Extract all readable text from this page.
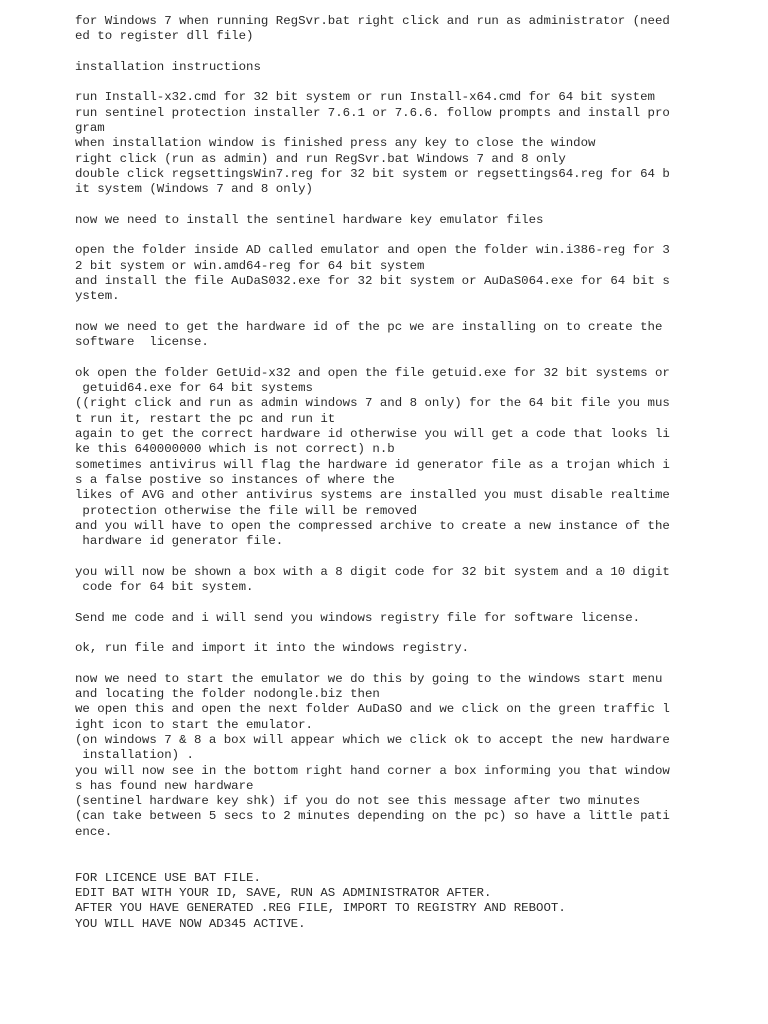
for Windows 7 when running RegSvr.bat right click and run as administrator (need
ed to register dll file)
installation instructions
run Install-x32.cmd for 32 bit system or run Install-x64.cmd for 64 bit system
run sentinel protection installer 7.6.1 or 7.6.6. follow prompts and install pro
gram
when installation window is finished press any key to close the window
right click (run as admin) and run RegSvr.bat Windows 7 and 8 only
double click regsettingsWin7.reg for 32 bit system or regsettings64.reg for 64 b
it system (Windows 7 and 8 only)
now we need to install the sentinel hardware key emulator files
open the folder inside AD called emulator and open the folder win.i386-reg for 3
2 bit system or win.amd64-reg for 64 bit system
and install the file AuDaS032.exe for 32 bit system or AuDaS064.exe for 64 bit s
ystem.
now we need to get the hardware id of the pc we are installing on to create the
software  license.
ok open the folder GetUid-x32 and open the file getuid.exe for 32 bit systems or
getuid64.exe for 64 bit systems
((right click and run as admin windows 7 and 8 only) for the 64 bit file you mus
t run it, restart the pc and run it
again to get the correct hardware id otherwise you will get a code that looks li
ke this 640000000 which is not correct) n.b
sometimes antivirus will flag the hardware id generator file as a trojan which i
s a false postive so instances of where the
likes of AVG and other antivirus systems are installed you must disable realtime
protection otherwise the file will be removed
and you will have to open the compressed archive to create a new instance of the
hardware id generator file.
you will now be shown a box with a 8 digit code for 32 bit system and a 10 digit
code for 64 bit system.
Send me code and i will send you windows registry file for software license.
ok, run file and import it into the windows registry.
now we need to start the emulator we do this by going to the windows start menu
and locating the folder nodongle.biz then
we open this and open the next folder AuDaSO and we click on the green traffic l
ight icon to start the emulator.
(on windows 7 & 8 a box will appear which we click ok to accept the new hardware
installation) .
you will now see in the bottom right hand corner a box informing you that window
s has found new hardware
(sentinel hardware key shk) if you do not see this message after two minutes
(can take between 5 secs to 2 minutes depending on the pc) so have a little pati
ence.
FOR LICENCE USE BAT FILE.
EDIT BAT WITH YOUR ID, SAVE, RUN AS ADMINISTRATOR AFTER.
AFTER YOU HAVE GENERATED .REG FILE, IMPORT TO REGISTRY AND REBOOT.
YOU WILL HAVE NOW AD345 ACTIVE.
